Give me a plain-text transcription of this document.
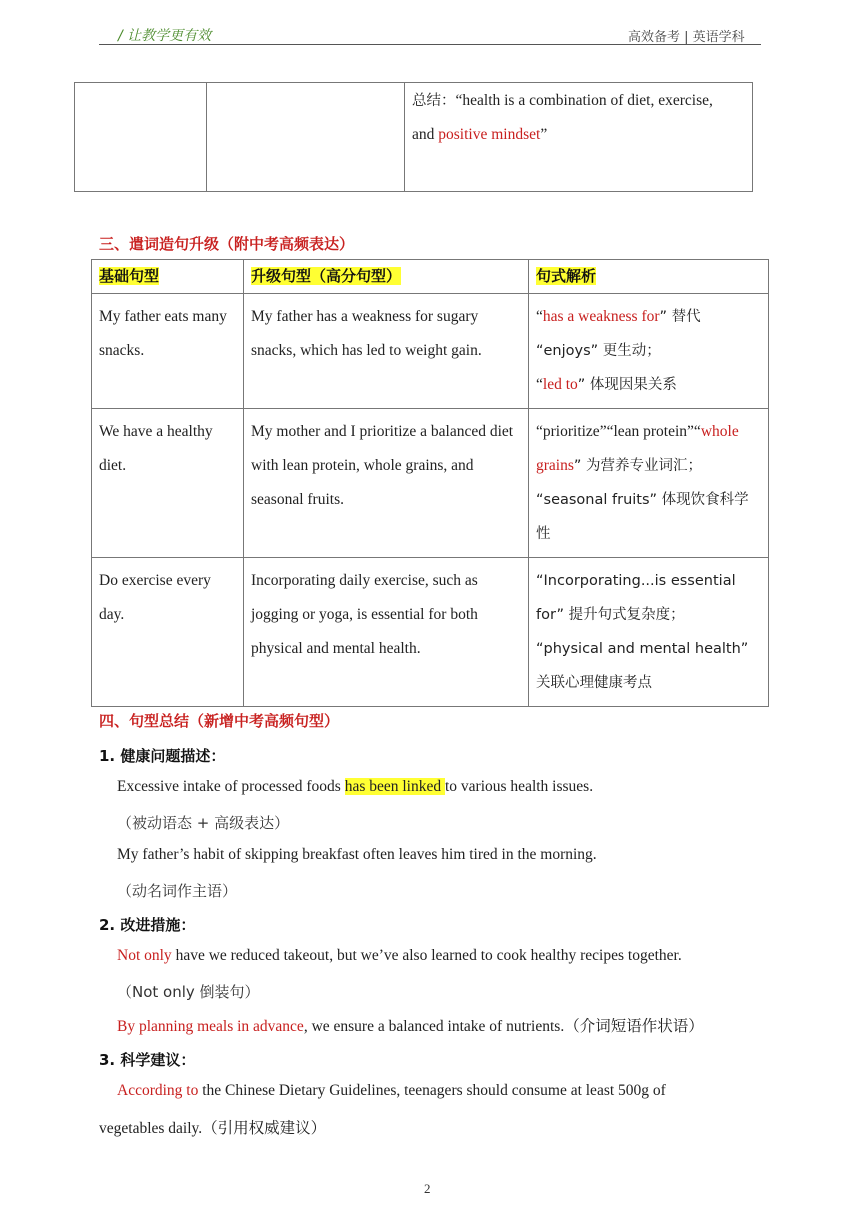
/ 让教学更有效	高效备考 | 英语学科
		总结：“health is a combination of diet, exercise,
and positive mindset”
三、遣词造句升级（附中考高频表达）
基础句型	升级句型（高分句型）	句式解析
My father eats many snacks.	My father has a weakness for sugary snacks, which has led to weight gain.	“has a weakness for” 替代
“enjoys” 更生动；
“led to” 体现因果关系
We have a healthy diet.	My mother and I prioritize a balanced diet with lean protein, whole grains, and seasonal fruits.	“prioritize”“lean protein”“whole grains” 为营养专业词汇；
“seasonal fruits” 体现饮食科学性
Do exercise every day.	Incorporating daily exercise, such as jogging or yoga, is essential for both physical and mental health.	“Incorporating...is essential for” 提升句式复杂度；
“physical and mental health” 关联心理健康考点
四、句型总结（新增中考高频句型）
1. 健康问题描述：
Excessive intake of processed foods has been linked to various health issues.
（被动语态 + 高级表达）
My father’s habit of skipping breakfast often leaves him tired in the morning.
（动名词作主语）
2. 改进措施：
Not only have we reduced takeout, but we’ve also learned to cook healthy recipes together.
（Not only 倒装句）
By planning meals in advance, we ensure a balanced intake of nutrients.（介词短语作状语）
3. 科学建议：
According to the Chinese Dietary Guidelines, teenagers should consume at least 500g of
vegetables daily.（引用权威建议）
2
